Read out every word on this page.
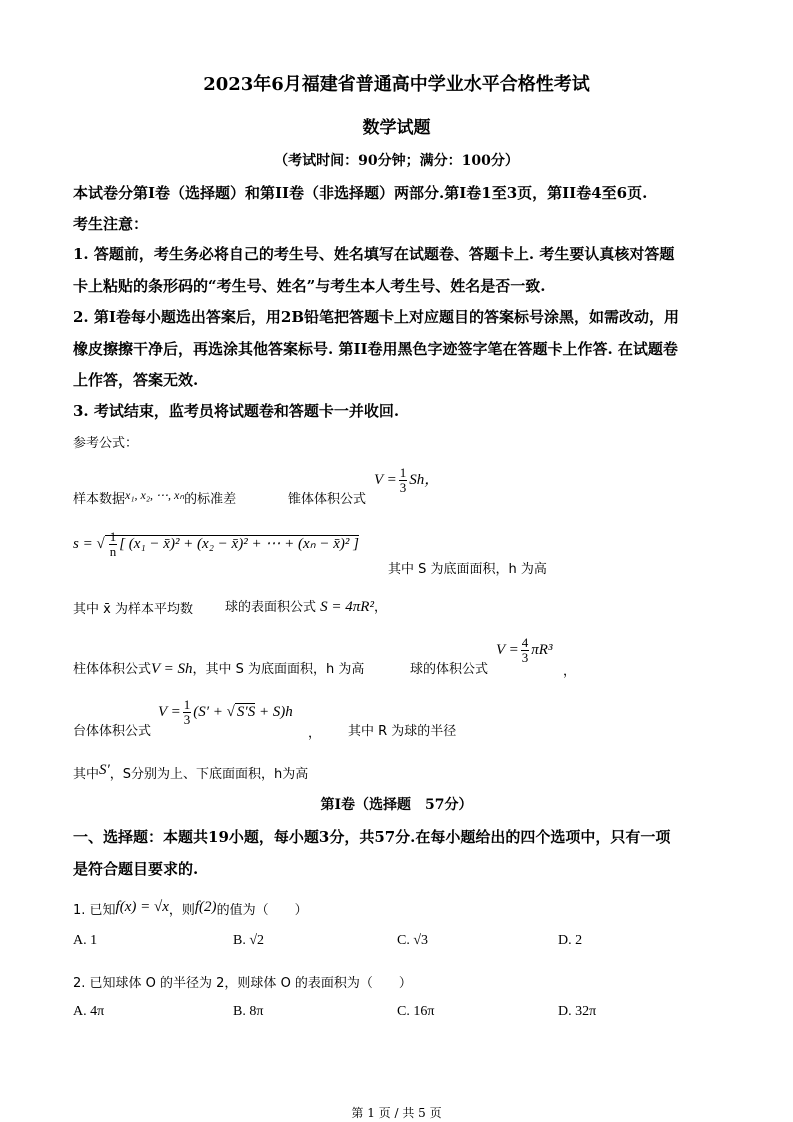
2023年6月福建省普通高中学业水平合格性考试
数学试题
（考试时间：90分钟；满分：100分）
本试卷分第I卷（选择题）和第II卷（非选择题）两部分.第I卷1至3页，第II卷4至6页.
考生注意：
1. 答题前，考生务必将自己的考生号、姓名填写在试题卷、答题卡上. 考生要认真核对答题
卡上粘贴的条形码的“考生号、姓名”与考生本人考生号、姓名是否一致.
2. 第I卷每小题选出答案后，用2B铅笔把答题卡上对应题目的答案标号涂黑，如需改动，用
橡皮擦擦干净后，再选涂其他答案标号. 第II卷用黑色字迹签字笔在答题卡上作答. 在试题卷
上作答，答案无效.
3. 考试结束，监考员将试题卷和答题卡一并收回.
参考公式：
样本数据x₁, x₂, ⋯, xₙ的标准差	锥体体积公式
$V = \frac{1}{3}$ Sh，
s = √ $\frac{1}{n}$ [ (x₁ − x̄)² + (x₂ − x̄)² + ⋯ + (xₙ − x̄)² ]
其中 S 为底面面积，h 为高
其中 x̄ 为样本平均数 球的表面积公式 S = 4πR²，
柱体体积公式V = Sh，其中 S 为底面面积，h 为高	球的体积公式
$V = \frac{4}{3} \pi R^3$
，
台体体积公式
$V = \frac{1}{3} (S'$ + √ S′S + S)h
， 其中 R 为球的半径
其中S′，S分别为上、下底面面积，h为高
第I卷（选择题　57分）
一、选择题：本题共19小题，每小题3分，共57分.在每小题给出的四个选项中，只有一项
是符合题目要求的.
1. 已知f(x) = √x，则f(2)的值为（　　）
A. 1	B. √2	C. √3	D. 2
2. 已知球体 O 的半径为 2，则球体 O 的表面积为（　　）
A. 4π	B. 8π	C. 16π	D. 32π
第 1 页 / 共 5 页
